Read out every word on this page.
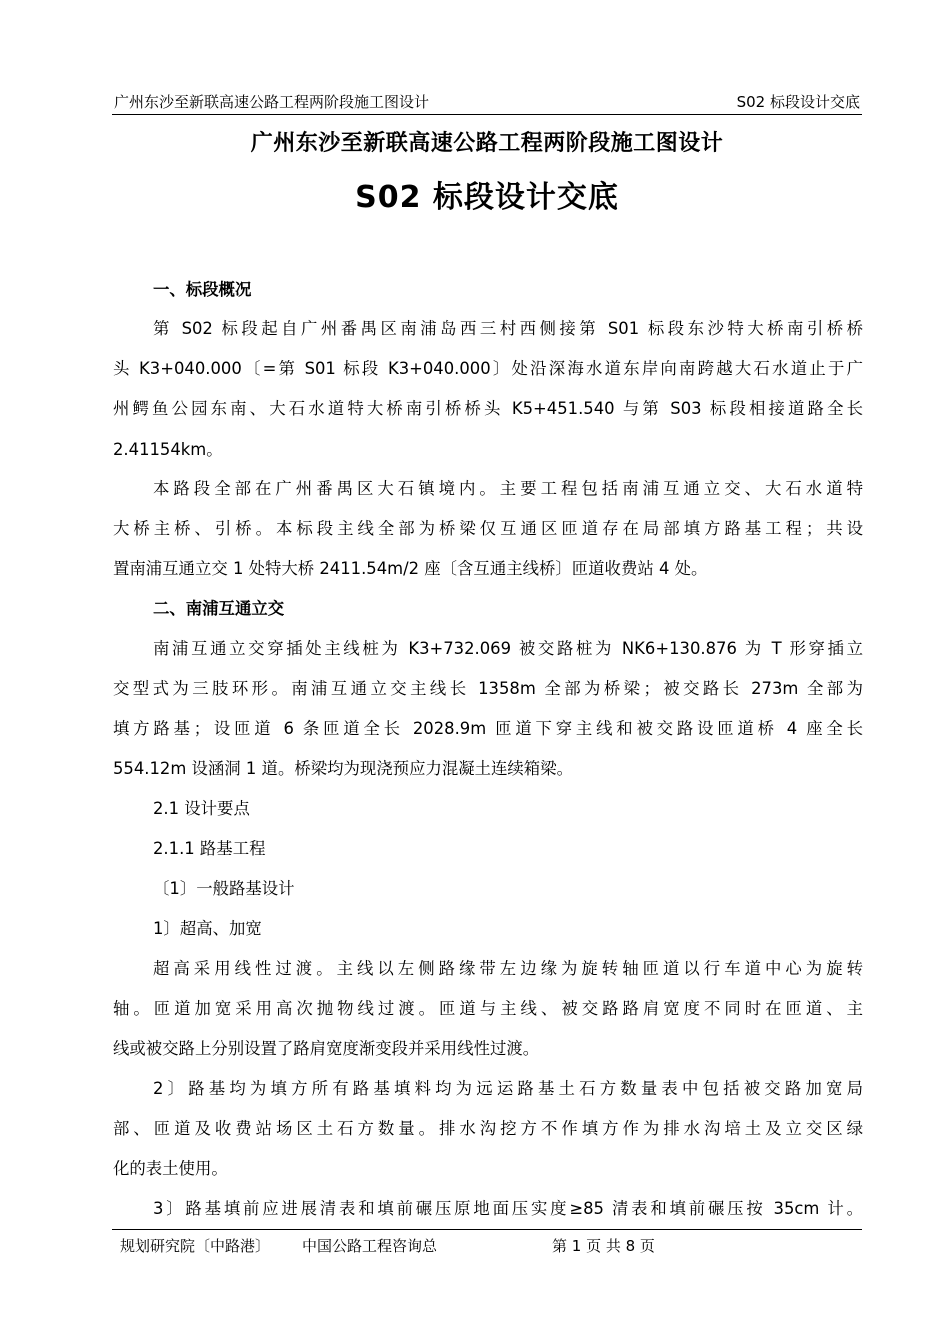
广州东沙至新联高速公路工程两阶段施工图设计	S02 标段设计交底
广州东沙至新联高速公路工程两阶段施工图设计
S02 标段设计交底
一、标段概况
第 S02 标段起自广州番禺区南浦岛西三村西侧接第 S01 标段东沙特大桥南引桥桥
头 K3+040.000〔=第 S01 标段 K3+040.000〕处沿深海水道东岸向南跨越大石水道止于广
州鳄鱼公园东南、大石水道特大桥南引桥桥头 K5+451.540 与第 S03 标段相接道路全长
2.41154km。
本路段全部在广州番禺区大石镇境内。主要工程包括南浦互通立交、大石水道特
大桥主桥、引桥。本标段主线全部为桥梁仅互通区匝道存在局部填方路基工程；共设
置南浦互通立交 1 处特大桥 2411.54m/2 座〔含互通主线桥〕匝道收费站 4 处。
二、南浦互通立交
南浦互通立交穿插处主线桩为 K3+732.069 被交路桩为 NK6+130.876 为 T 形穿插立
交型式为三肢环形。南浦互通立交主线长 1358m 全部为桥梁；被交路长 273m 全部为
填方路基；设匝道 6 条匝道全长 2028.9m 匝道下穿主线和被交路设匝道桥 4 座全长
554.12m 设涵洞 1 道。桥梁均为现浇预应力混凝土连续箱梁。
2.1 设计要点
2.1.1 路基工程
〔1〕一般路基设计
1〕超高、加宽
超高采用线性过渡。主线以左侧路缘带左边缘为旋转轴匝道以行车道中心为旋转
轴。匝道加宽采用高次抛物线过渡。匝道与主线、被交路路肩宽度不同时在匝道、主
线或被交路上分别设置了路肩宽度渐变段并采用线性过渡。
2〕路基均为填方所有路基填料均为远运路基土石方数量表中包括被交路加宽局
部、匝道及收费站场区土石方数量。排水沟挖方不作填方作为排水沟培土及立交区绿
化的表土使用。
3〕路基填前应进展清表和填前碾压原地面压实度≥85 清表和填前碾压按 35cm 计。
规划研究院〔中路港〕 中国公路工程咨询总	第 1 页 共 8 页
